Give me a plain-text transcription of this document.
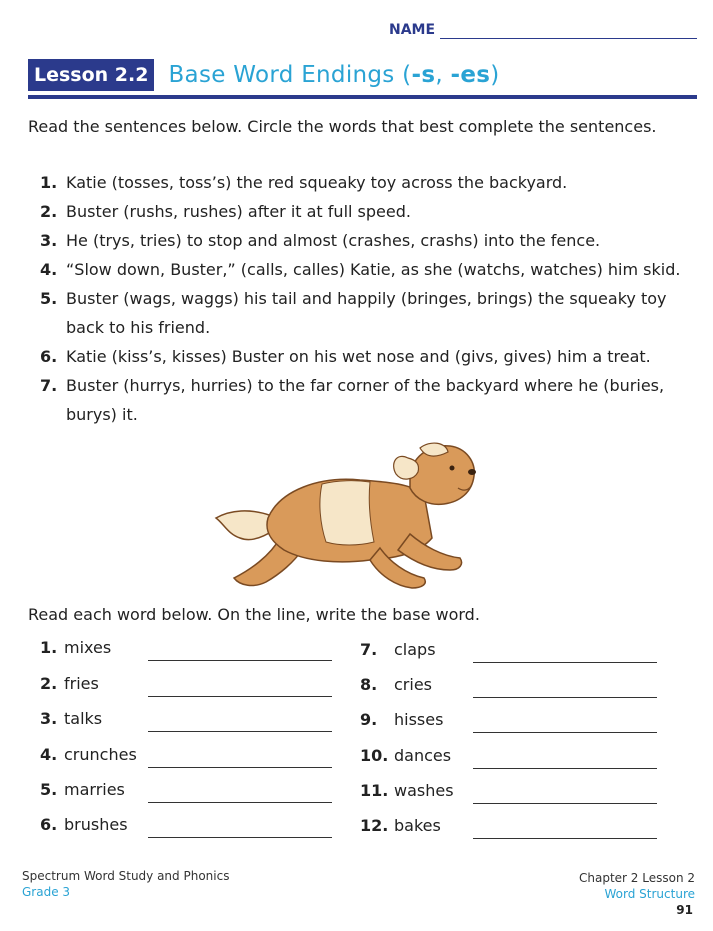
NAME
Lesson 2.2 Base Word Endings (-s, -es)
Read the sentences below. Circle the words that best complete the sentences.
1. Katie (tosses, toss’s) the red squeaky toy across the backyard.
2. Buster (rushs, rushes) after it at full speed.
3. He (trys, tries) to stop and almost (crashes, crashs) into the fence.
4. “Slow down, Buster,” (calls, calles) Katie, as she (watchs, watches) him skid.
5. Buster (wags, waggs) his tail and happily (bringes, brings) the squeaky toy back to his friend.
6. Katie (kiss’s, kisses) Buster on his wet nose and (givs, gives) him a treat.
7. Buster (hurrys, hurries) to the far corner of the backyard where he (buries, burys) it.
Read each word below. On the line, write the base word.
1. mixes
2. fries
3. talks
4. crunches
5. marries
6. brushes
7. claps
8. cries
9. hisses
10. dances
11. washes
12. bakes
Spectrum Word Study and Phonics
Grade 3
Chapter 2 Lesson 2
Word Structure
91
